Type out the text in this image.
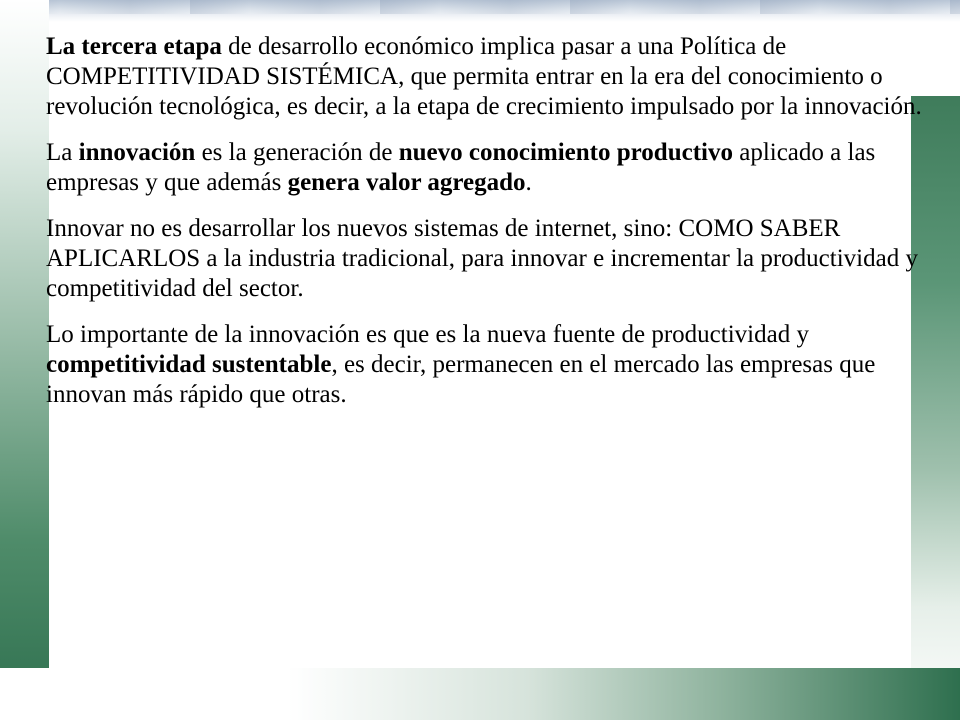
La tercera etapa de desarrollo económico implica pasar a una Política de COMPETITIVIDAD SISTÉMICA, que permita entrar en la era del conocimiento o revolución tecnológica, es decir, a la etapa de crecimiento impulsado por la innovación.

La innovación es la generación de nuevo conocimiento productivo aplicado a las empresas y que además genera valor agregado.

Innovar no es desarrollar los nuevos sistemas de internet, sino: COMO SABER APLICARLOS a la industria tradicional, para innovar e incrementar la productividad y competitividad del sector.

Lo importante de la innovación es que es la nueva fuente de productividad y competitividad sustentable, es decir, permanecen en el mercado las empresas que innovan más rápido que otras.
